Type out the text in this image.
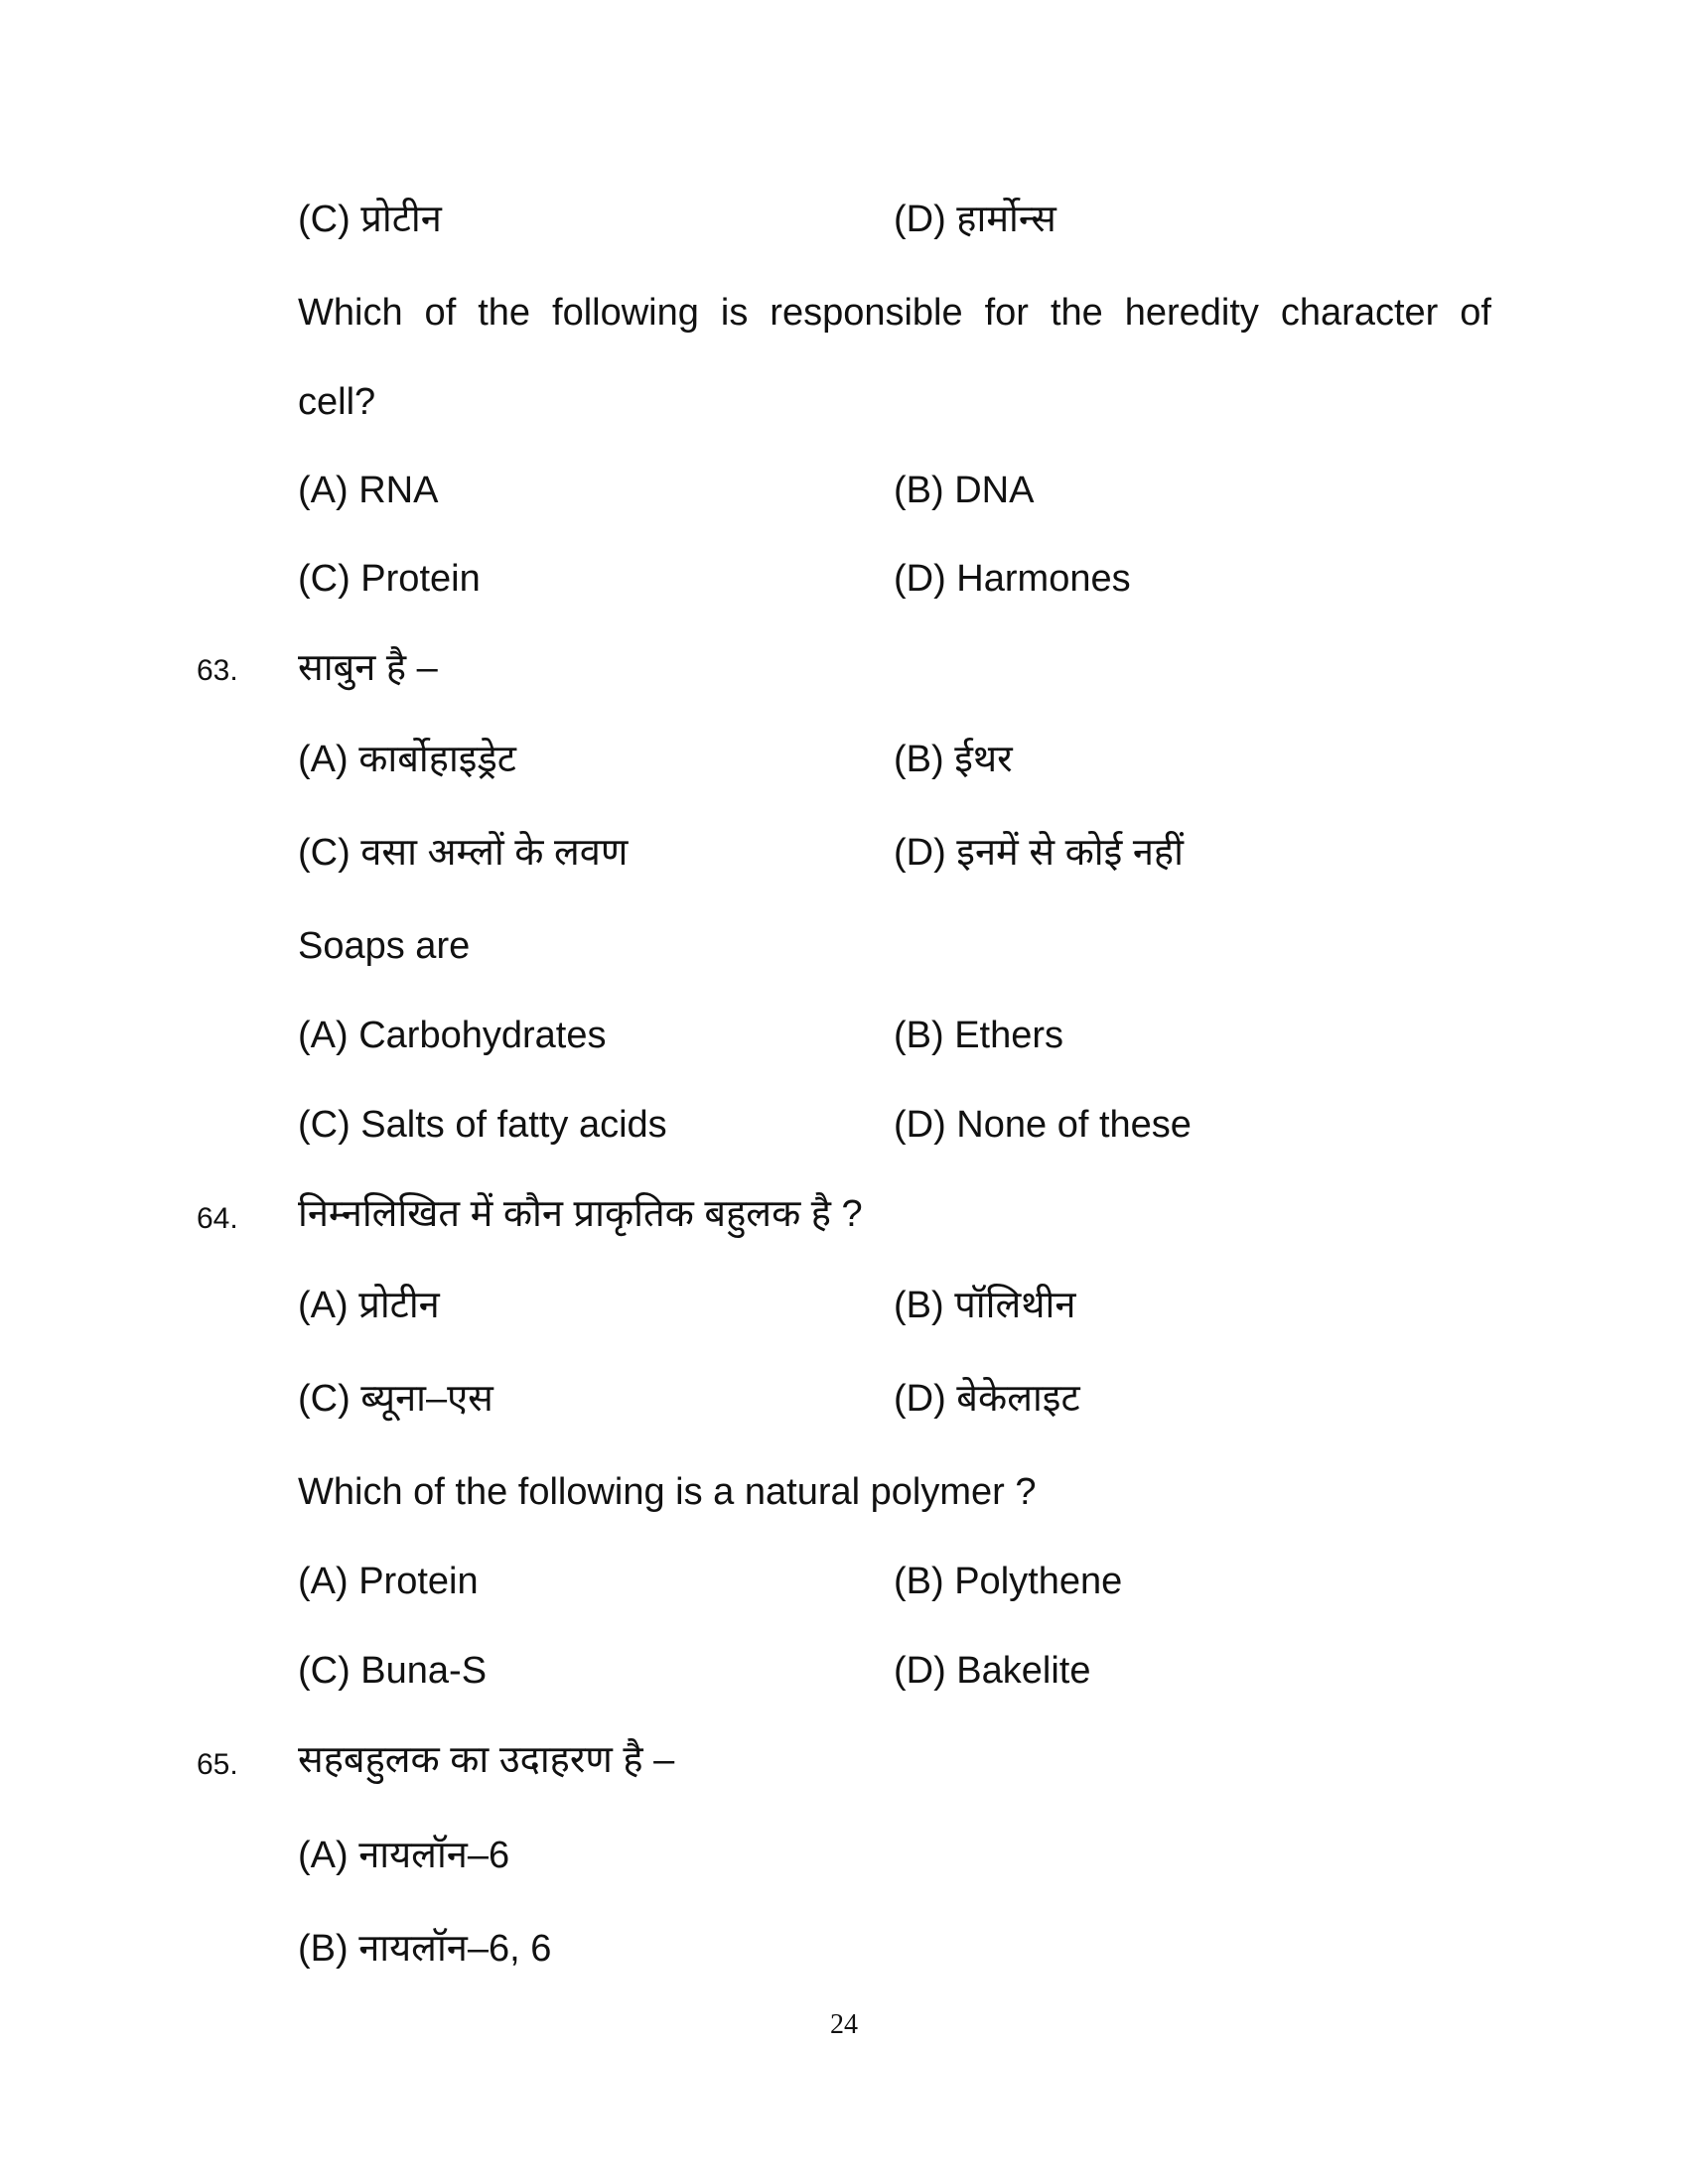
(C) प्रोटीन	(D) हार्मोन्स
Which of the following is responsible for the heredity character of
cell?
(A) RNA	(B) DNA
(C) Protein	(D) Harmones
63. साबुन है –
(A) कार्बोहाइड्रेट	(B) ईथर
(C) वसा अम्लों के लवण	(D) इनमें से कोई नहीं
Soaps are
(A) Carbohydrates	(B) Ethers
(C) Salts of fatty acids	(D) None of these
64. निम्नलिखित में कौन प्राकृतिक बहुलक है ?
(A) प्रोटीन	(B) पॉलिथीन
(C) ब्यूना–एस	(D) बेकेलाइट
Which of the following is a natural polymer ?
(A) Protein	(B) Polythene
(C) Buna-S	(D) Bakelite
65. सहबहुलक का उदाहरण है –
(A) नायलॉन–6
(B) नायलॉन–6, 6
24
